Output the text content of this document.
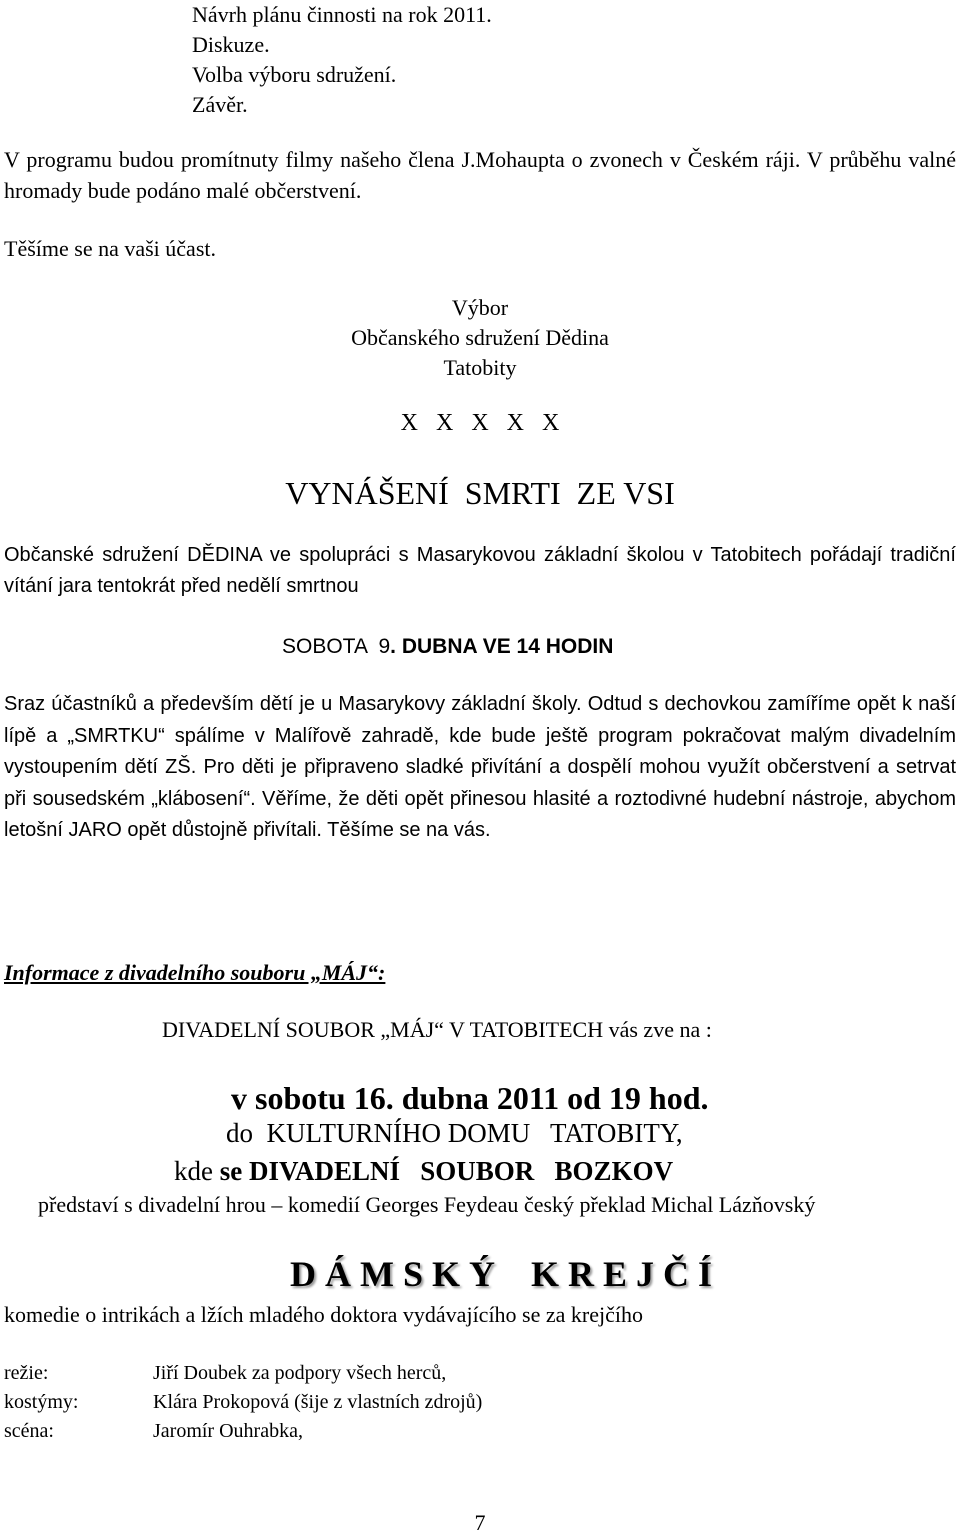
Návrh plánu činnosti na rok 2011.
Diskuze.
Volba výboru sdružení.
Závěr.
V programu budou promítnuty filmy našeho člena J.Mohaupta o zvonech v Českém ráji. V průběhu valné hromady bude podáno malé občerstvení.
Těšíme se na vaši účast.
Výbor
Občanského sdružení Dědina
Tatobity
X   X   X   X   X
VYNÁŠENÍ  SMRTI  ZE VSI
Občanské sdružení DĚDINA ve spolupráci s Masarykovou základní školou v Tatobitech pořádají tradiční vítání jara tentokrát před nedělí smrtnou
SOBOTA  9. DUBNA VE 14 HODIN
Sraz účastníků a především dětí je u Masarykovy základní školy. Odtud s dechovkou zamíříme opět k naší lípě a „SMRTKU“ spálíme v Malířově zahradě, kde bude ještě program pokračovat malým divadelním vystoupením dětí ZŠ. Pro děti je připraveno sladké přivítání a dospělí mohou využít občerstvení a setrvat při sousedském „klábosení“. Věříme, že děti opět přinesou hlasité a roztodivné hudební nástroje, abychom letošní JARO opět důstojně přivítali. Těšíme se na vás.
Informace z divadelního souboru „MÁJ“:
DIVADELNÍ SOUBOR „MÁJ“ V TATOBITECH vás zve na :
v sobotu 16. dubna 2011 od 19 hod.
do  KULTURNÍHO DOMU   TATOBITY,
kde se DIVADELNÍ   SOUBOR   BOZKOV
představí s divadelní hrou – komedií Georges Feydeau český překlad Michal Lázňovský
D Á M S K Ý    K R E J Č Í
komedie o intrikách a lžích mladého doktora vydávajícího se za krejčího
režie:
kostýmy:
scéna:
Jiří Doubek za podpory všech herců,
Klára Prokopová (šije z vlastních zdrojů)
Jaromír Ouhrabka,
7
